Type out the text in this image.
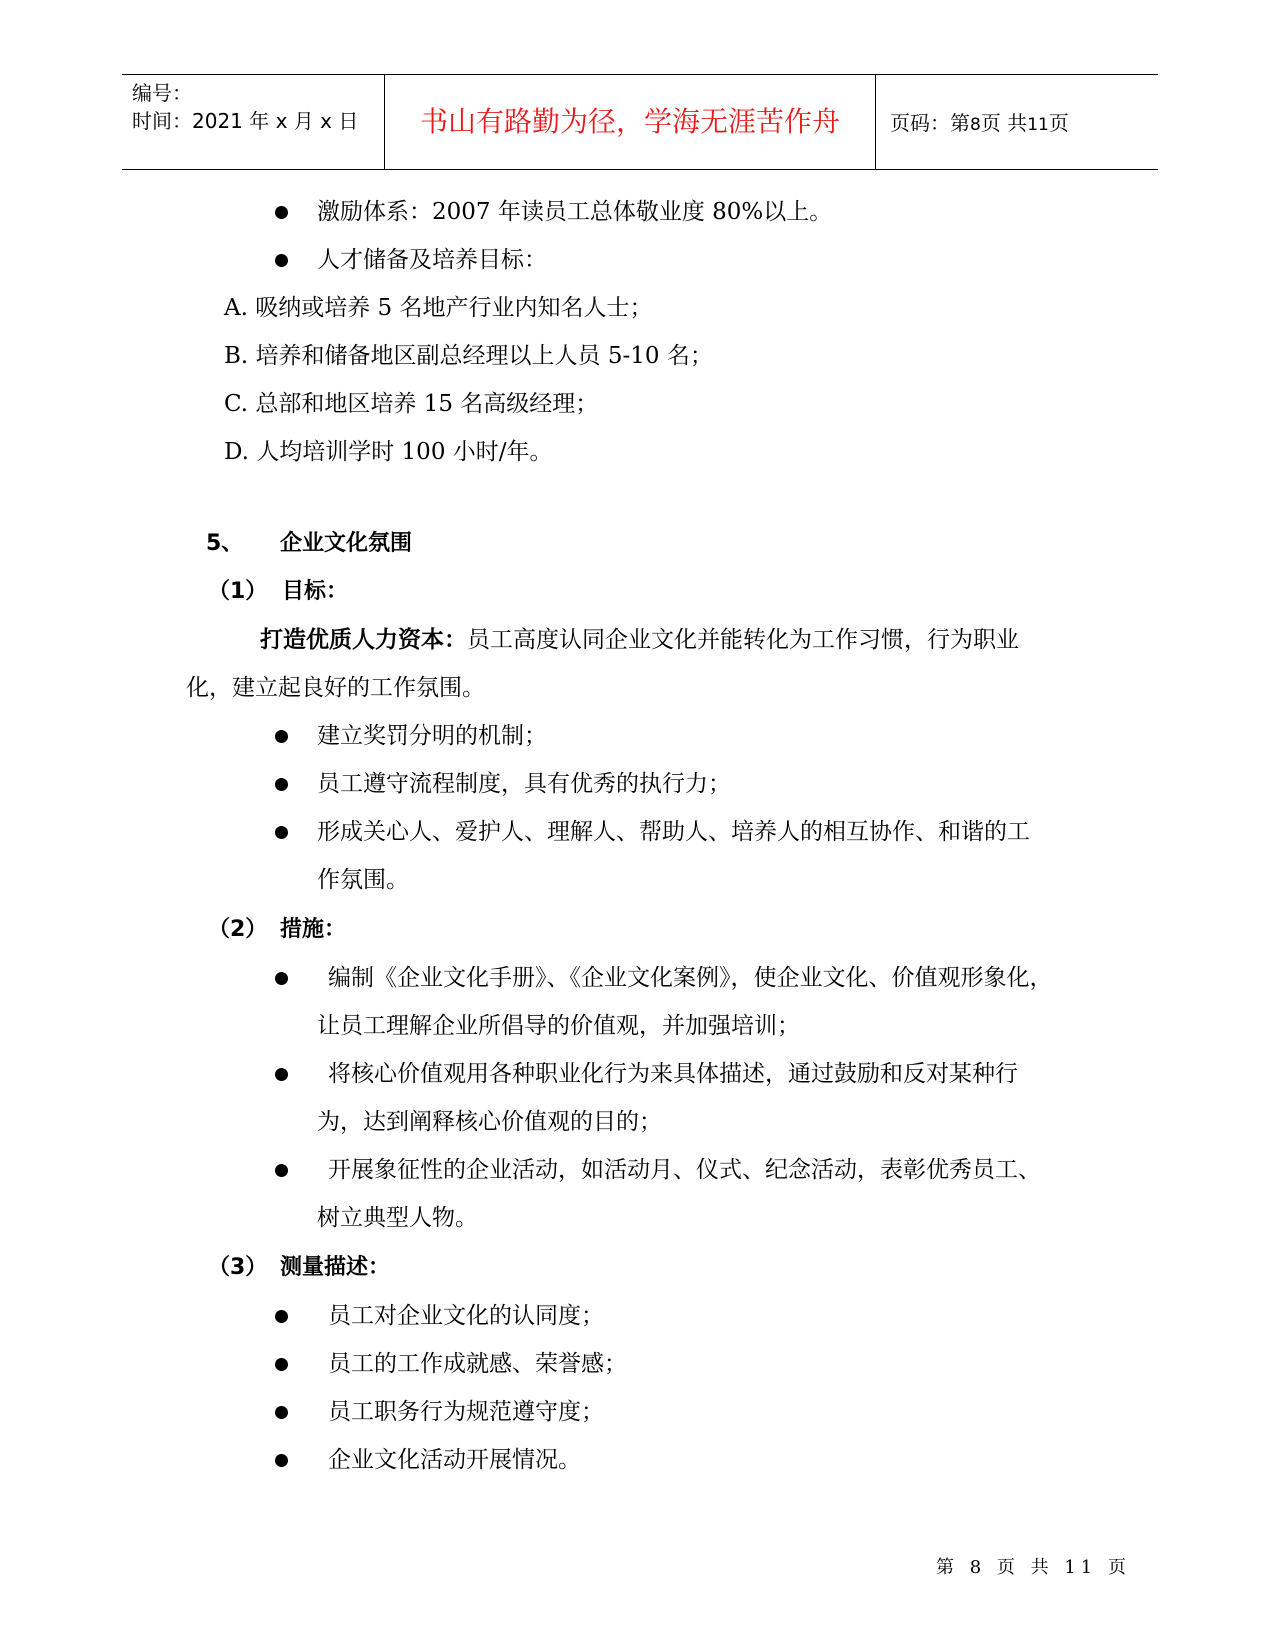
编号：
时间：2021 年 x 月 x 日	书山有路勤为径，学海无涯苦作舟	页码：第8页 共11页
激励体系：2007 年读员工总体敬业度 80%以上。
人才储备及培养目标：
A. 吸纳或培养 5 名地产行业内知名人士；
B. 培养和储备地区副总经理以上人员 5-10 名；
C. 总部和地区培养 15 名高级经理；
D. 人均培训学时 100 小时/年。
5、 企业文化氛围
（1） 目标：
打造优质人力资本：员工高度认同企业文化并能转化为工作习惯，行为职业
化，建立起良好的工作氛围。
建立奖罚分明的机制；
员工遵守流程制度，具有优秀的执行力；
形成关心人、爱护人、理解人、帮助人、培养人的相互协作、和谐的工
作氛围。
（2） 措施：
编制《企业文化手册》、《企业文化案例》，使企业文化、价值观形象化，
让员工理解企业所倡导的价值观，并加强培训；
将核心价值观用各种职业化行为来具体描述，通过鼓励和反对某种行
为，达到阐释核心价值观的目的；
开展象征性的企业活动，如活动月、仪式、纪念活动，表彰优秀员工、
树立典型人物。
（3） 测量描述：
员工对企业文化的认同度；
员工的工作成就感、荣誉感；
员工职务行为规范遵守度；
企业文化活动开展情况。
第 8 页 共 11 页
